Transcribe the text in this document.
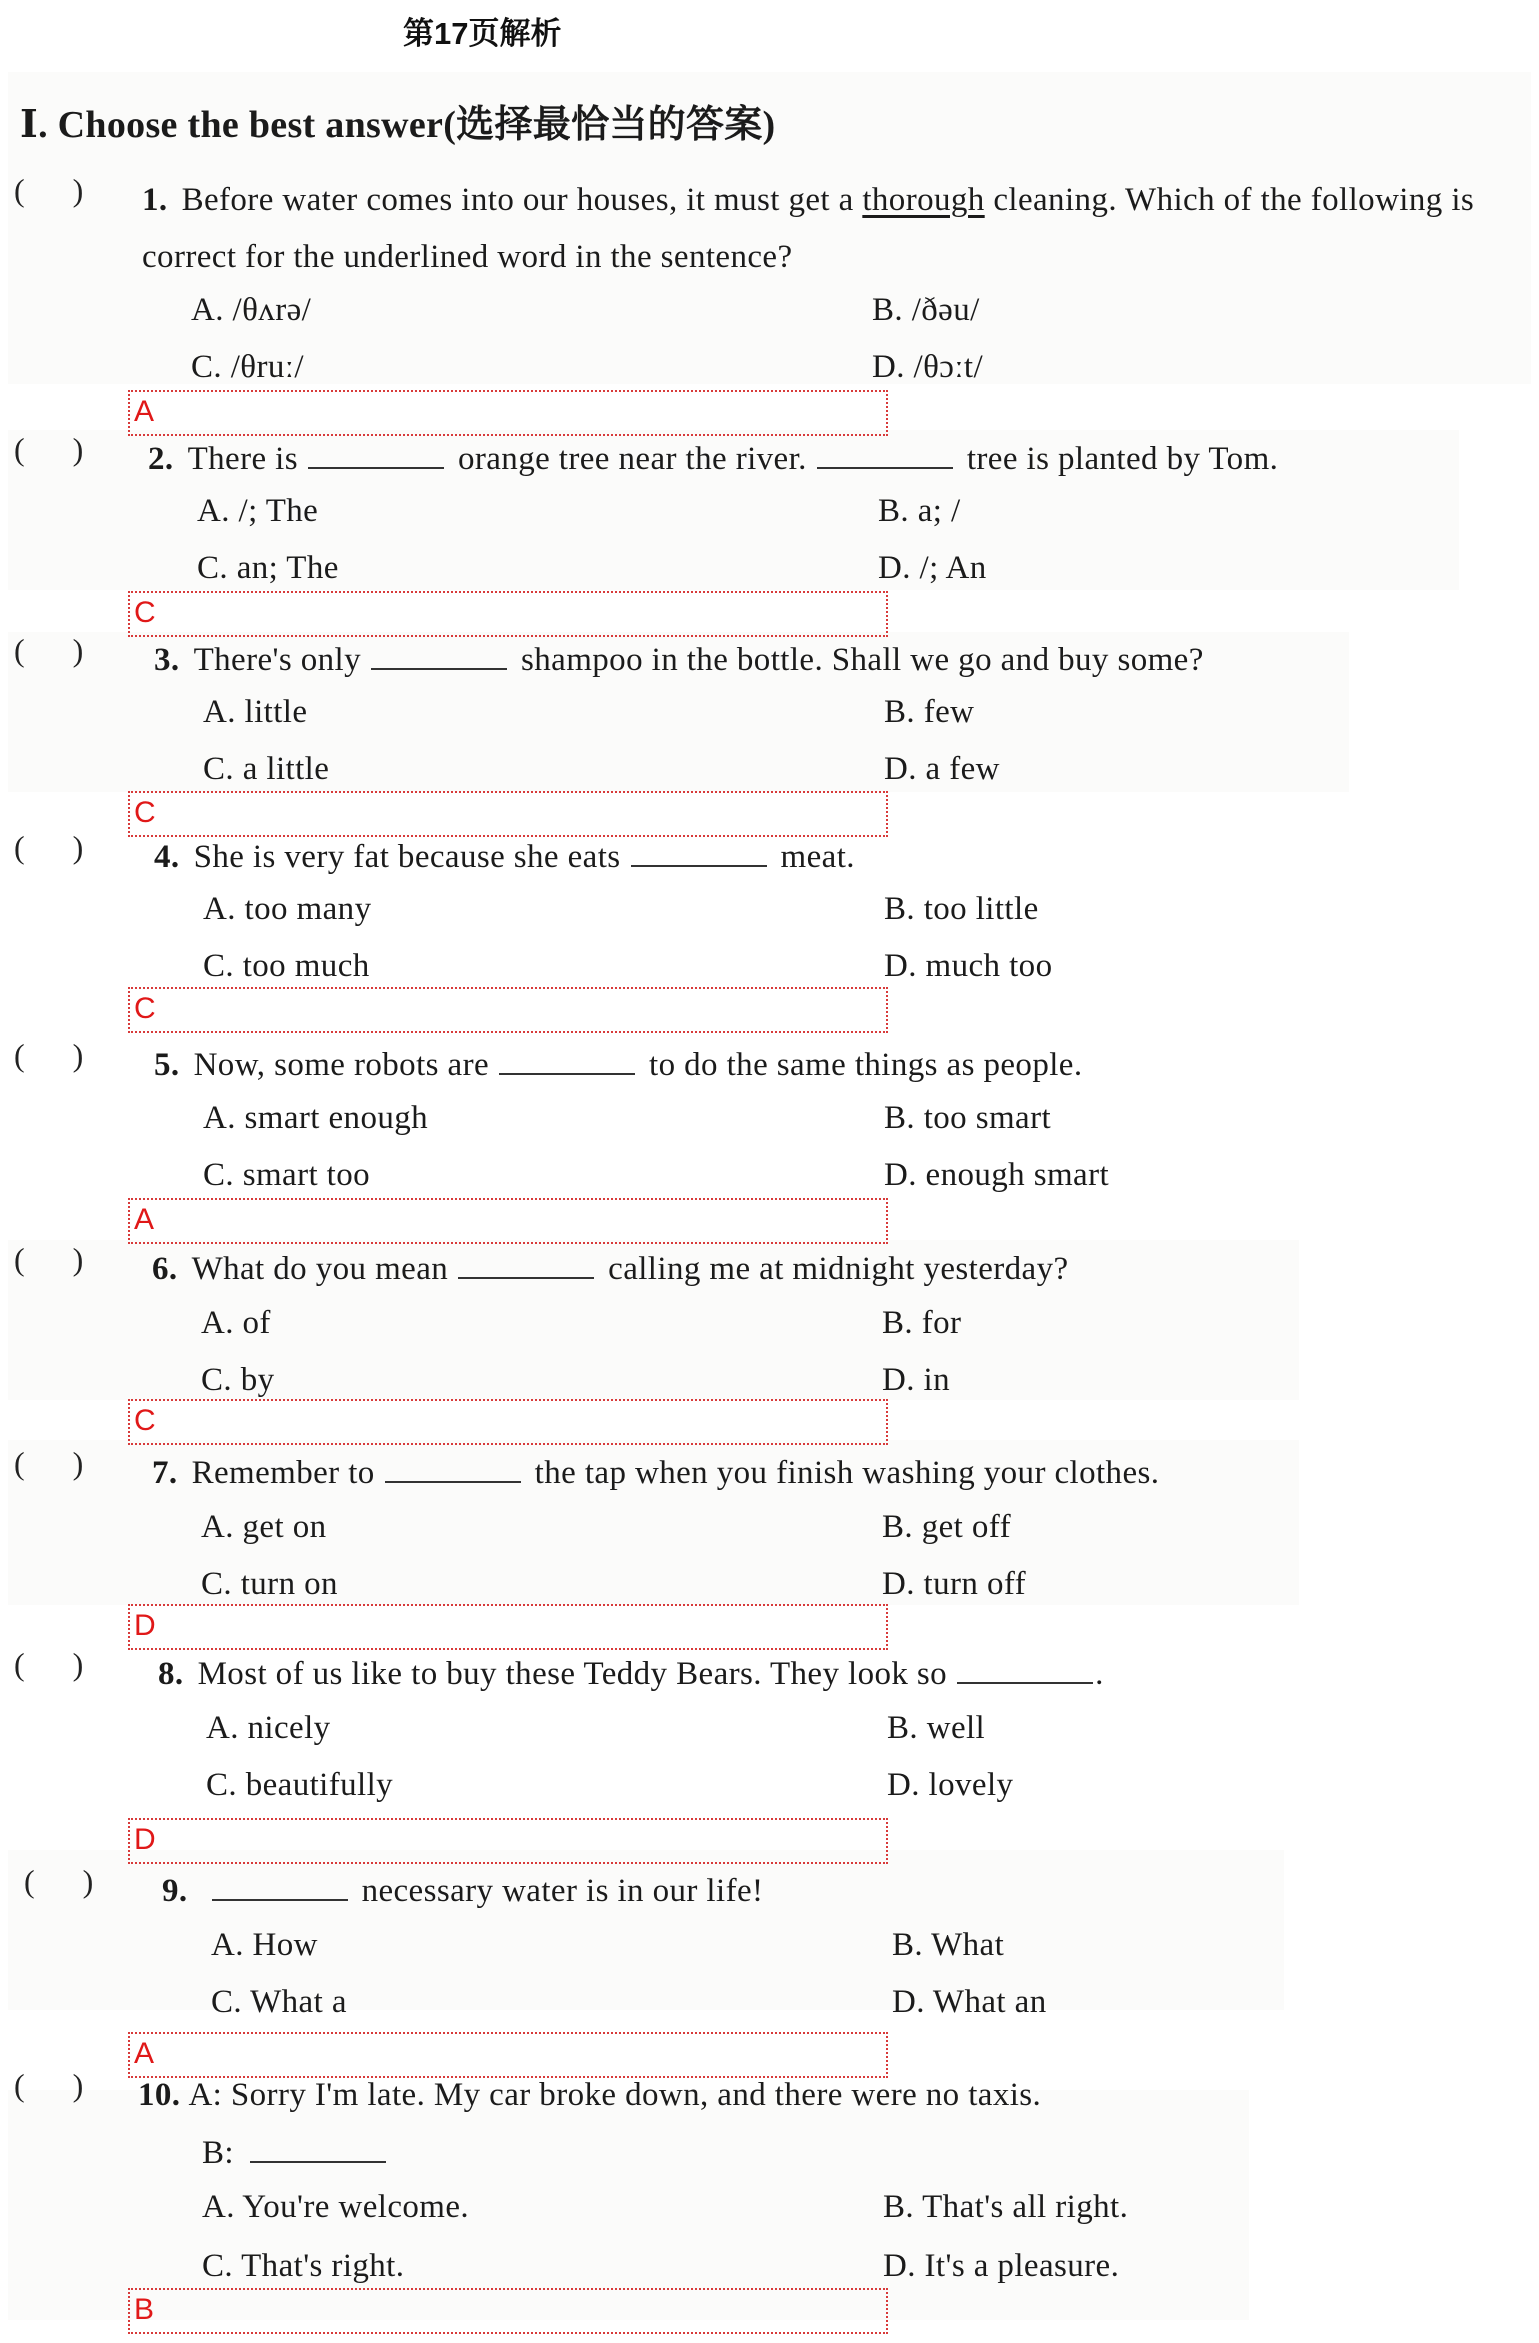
第17页解析
Ⅰ. Choose the best answer(选择最恰当的答案)
(      ) 1. Before water comes into our houses, it must get a thorough cleaning. Which of the following is correct for the underlined word in the sentence?
A. /θʌrə/	B. /ðəu/
C. /θruː/	D. /θɔːt/
A
(      ) 2. There is	orange tree near the river.	tree is planted by Tom.
A. /; The	B. a; /
C. an; The	D. /; An
C
(      ) 3. There's only	shampoo in the bottle. Shall we go and buy some?
A. little	B. few
C. a little	D. a few
C
(      ) 4. She is very fat because she eats	meat.
A. too many	B. too little
C. too much	D. much too
C
(      ) 5. Now, some robots are	to do the same things as people.
A. smart enough	B. too smart
C. smart too	D. enough smart
A
(      ) 6. What do you mean	calling me at midnight yesterday?
A. of	B. for
C. by	D. in
C
(      ) 7. Remember to	the tap when you finish washing your clothes.
A. get on	B. get off
C. turn on	D. turn off
D
(      ) 8. Most of us like to buy these Teddy Bears. They look so	.
A. nicely	B. well
C. beautifully	D. lovely
D
(      ) 9.	necessary water is in our life!
A. How	B. What
C. What a	D. What an
A
(      ) 10. A: Sorry I'm late. My car broke down, and there were no taxis.
B:
A. You're welcome.	B. That's all right.
C. That's right.	D. It's a pleasure.
B
